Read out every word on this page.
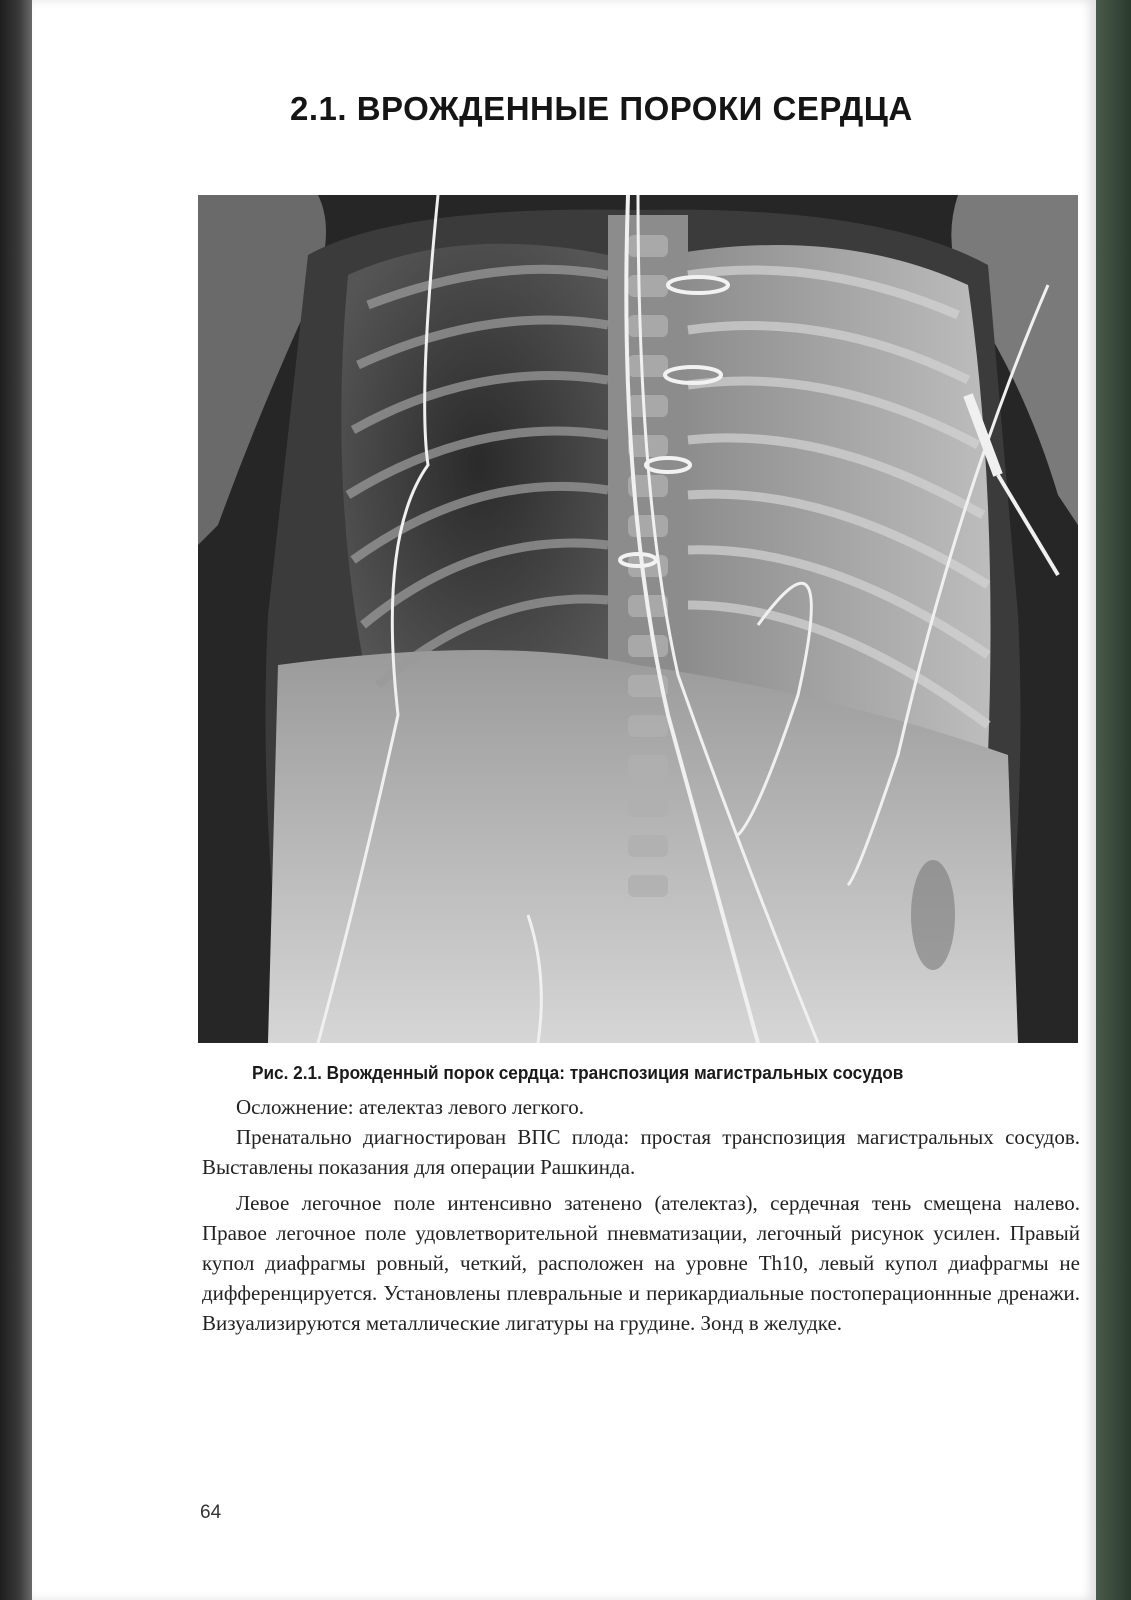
2.1. ВРОЖДЕННЫЕ ПОРОКИ СЕРДЦА
Рис. 2.1. Врожденный порок сердца: транспозиция магистральных сосудов

Осложнение: ателектаз левого легкого.

Пренатально диагностирован ВПС плода: простая транспозиция магистральных сосудов. Выставлены показания для операции Рашкинда.

Левое легочное поле интенсивно затенено (ателектаз), сердечная тень смещена налево. Правое легочное поле удовлетворительной пневматизации, легочный рисунок усилен. Правый купол диафрагмы ровный, четкий, расположен на уровне Th10, левый купол диафрагмы не дифференцируется. Установлены плевральные и перикардиальные постоперационнные дренажи. Визуализируются металлические лигатуры на грудине. Зонд в желудке.

64
